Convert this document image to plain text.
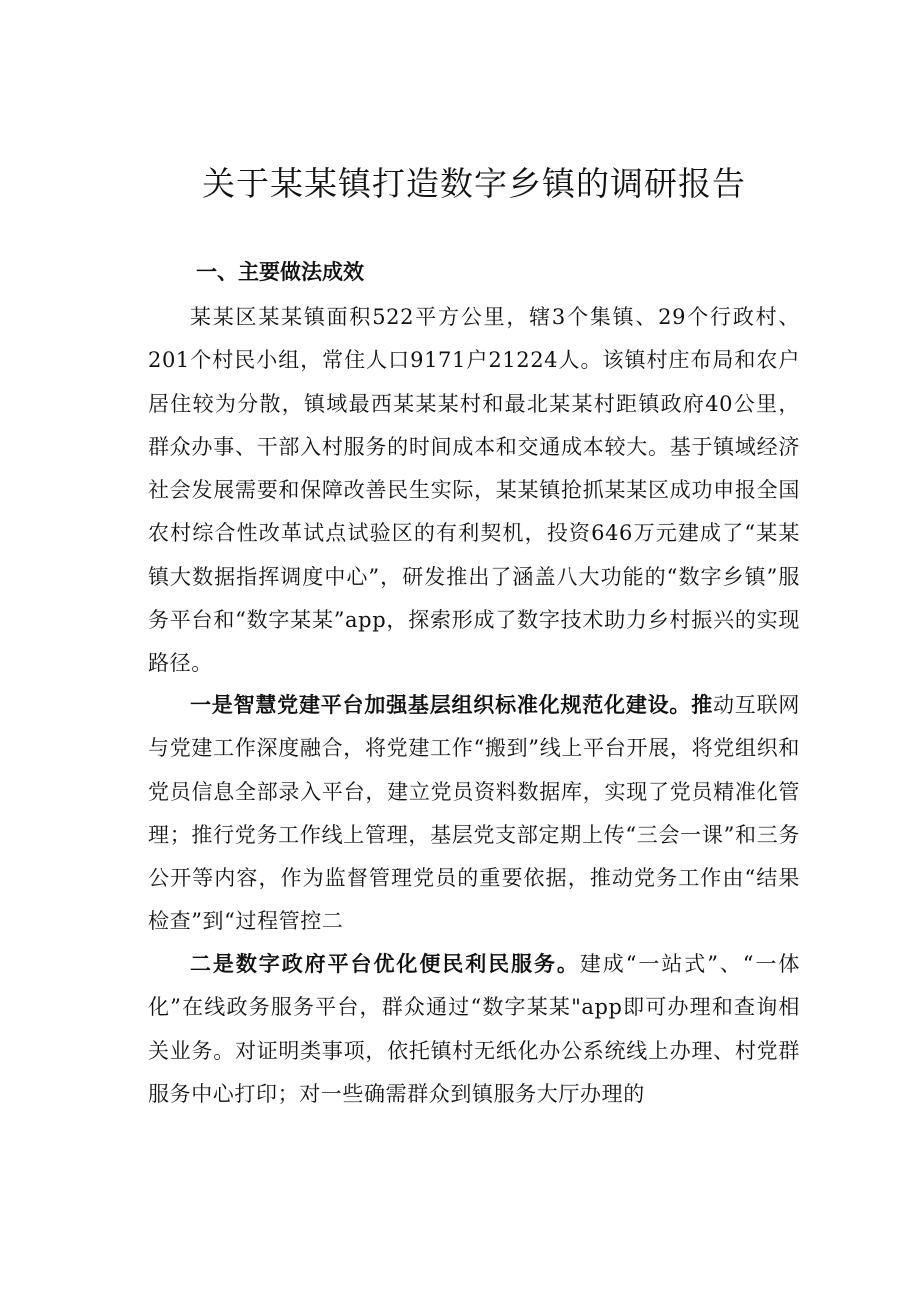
关于某某镇打造数字乡镇的调研报告
一、主要做法成效

某某区某某镇面积522平方公里，辖3个集镇、29个行政村、201个村民小组，常住人口9171户21224人。该镇村庄布局和农户居住较为分散，镇域最西某某某村和最北某某村距镇政府40公里，群众办事、干部入村服务的时间成本和交通成本较大。基于镇域经济社会发展需要和保障改善民生实际，某某镇抢抓某某区成功申报全国农村综合性改革试点试验区的有利契机，投资646万元建成了“某某镇大数据指挥调度中心”，研发推出了涵盖八大功能的“数字乡镇”服务平台和“数字某某”app，探索形成了数字技术助力乡村振兴的实现路径。

一是智慧党建平台加强基层组织标准化规范化建设。推动互联网与党建工作深度融合，将党建工作“搬到”线上平台开展，将党组织和党员信息全部录入平台，建立党员资料数据库，实现了党员精准化管理；推行党务工作线上管理，基层党支部定期上传“三会一课”和三务公开等内容，作为监督管理党员的重要依据，推动党务工作由“结果检查”到“过程管控二

二是数字政府平台优化便民利民服务。建成“一站式”、“一体化”在线政务服务平台，群众通过“数字某某"app即可办理和查询相关业务。对证明类事项，依托镇村无纸化办公系统线上办理、村党群服务中心打印；对一些确需群众到镇服务大厅办理的
